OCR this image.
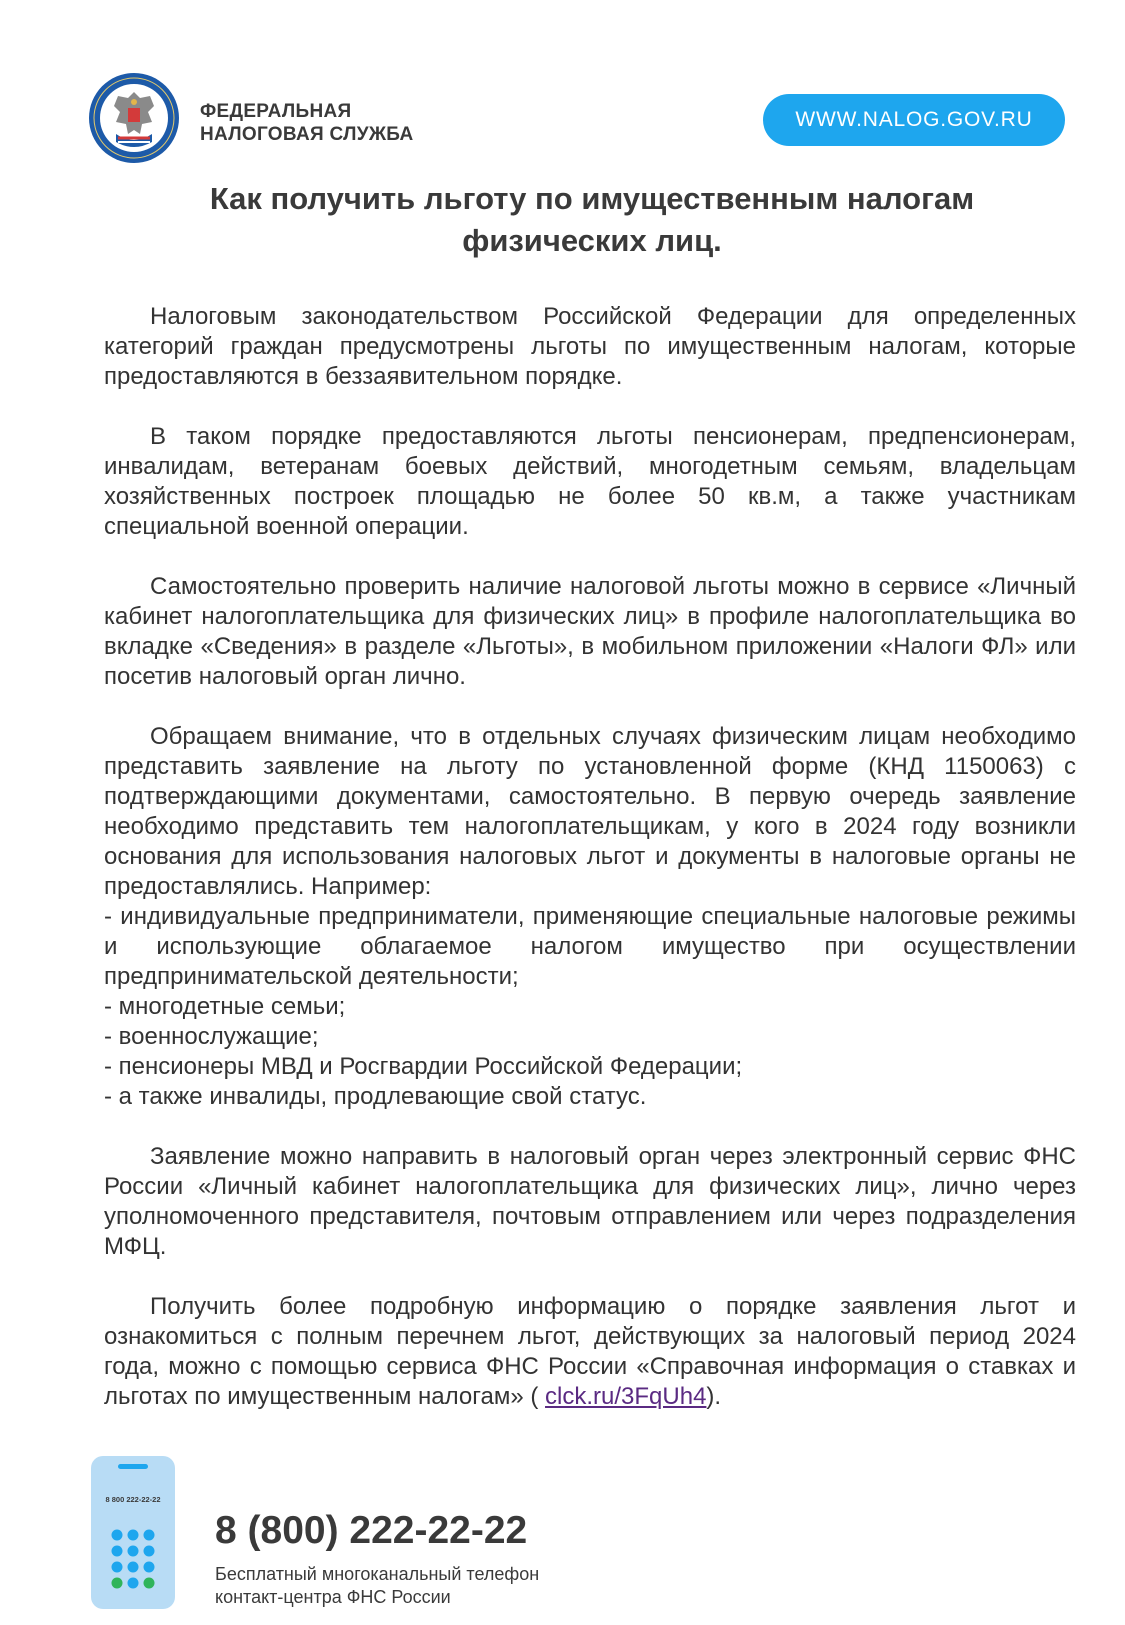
ФЕДЕРАЛЬНАЯ
НАЛОГОВАЯ СЛУЖБА
WWW.NALOG.GOV.RU
Как получить льготу по имущественным налогам
физических лиц.

Налоговым законодательством Российской Федерации для определенных категорий граждан предусмотрены льготы по имущественным налогам, которые предоставляются в беззаявительном порядке.

В таком порядке предоставляются льготы пенсионерам, предпенсионерам, инвалидам, ветеранам боевых действий, многодетным семьям, владельцам хозяйственных построек площадью не более 50 кв.м, а также участникам специальной военной операции.

Самостоятельно проверить наличие налоговой льготы можно в сервисе «Личный кабинет налогоплательщика для физических лиц» в профиле налогоплательщика во вкладке «Сведения» в разделе «Льготы», в мобильном приложении «Налоги ФЛ» или посетив налоговый орган лично.

Обращаем внимание, что в отдельных случаях физическим лицам необходимо представить заявление на льготу по установленной форме (КНД 1150063) с подтверждающими документами, самостоятельно. В первую очередь заявление необходимо представить тем налогоплательщикам, у кого в 2024 году возникли основания для использования налоговых льгот и документы в налоговые органы не предоставлялись. Например:

- индивидуальные предприниматели, применяющие специальные налоговые режимы и использующие облагаемое налогом имущество при осуществлении предпринимательской деятельности;
- многодетные семьи;
- военнослужащие;
- пенсионеры МВД и Росгвардии Российской Федерации;
- а также инвалиды, продлевающие свой статус.

Заявление можно направить в налоговый орган через электронный сервис ФНС России «Личный кабинет налогоплательщика для физических лиц», лично через уполномоченного представителя, почтовым отправлением или через подразделения МФЦ.

Получить более подробную информацию о порядке заявления льгот и ознакомиться с полным перечнем льгот, действующих за налоговый период 2024 года, можно с помощью сервиса ФНС России «Справочная информация о ставках и льготах по имущественным налогам» ( clck.ru/3FqUh4).

8 800 222-22-22
8 (800) 222-22-22
Бесплатный многоканальный телефон
контакт-центра ФНС России
